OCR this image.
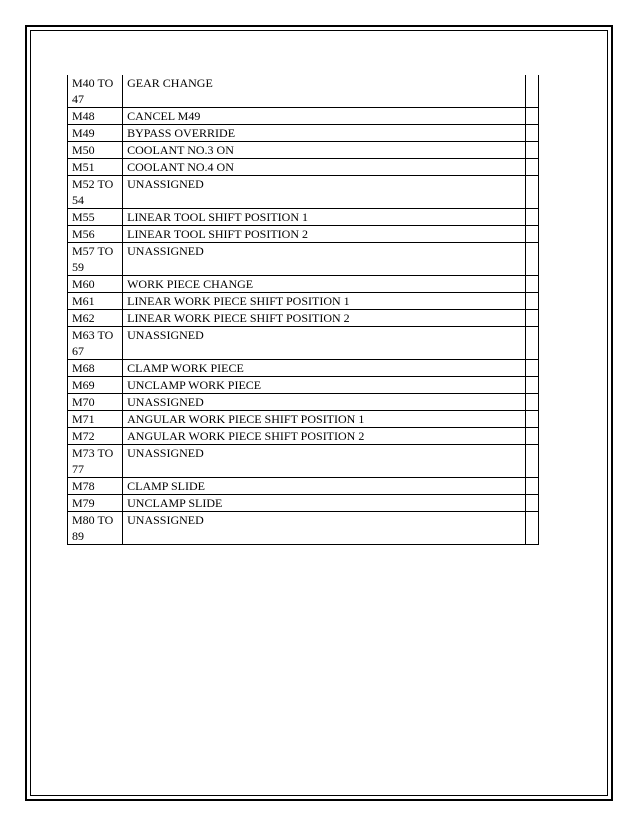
M40 TO 47	GEAR CHANGE	
M48	CANCEL M49	
M49	BYPASS OVERRIDE	
M50	COOLANT NO.3 ON	
M51	COOLANT NO.4 ON	
M52 TO 54	UNASSIGNED	
M55	LINEAR TOOL SHIFT POSITION 1	
M56	LINEAR TOOL SHIFT POSITION 2	
M57 TO 59	UNASSIGNED	
M60	WORK PIECE CHANGE	
M61	LINEAR WORK PIECE SHIFT POSITION 1	
M62	LINEAR WORK PIECE SHIFT POSITION 2	
M63 TO 67	UNASSIGNED	
M68	CLAMP WORK PIECE	
M69	UNCLAMP WORK PIECE	
M70	UNASSIGNED	
M71	ANGULAR WORK PIECE SHIFT POSITION 1	
M72	ANGULAR WORK PIECE SHIFT POSITION 2	
M73 TO 77	UNASSIGNED	
M78	CLAMP SLIDE	
M79	UNCLAMP SLIDE	
M80 TO 89	UNASSIGNED	
